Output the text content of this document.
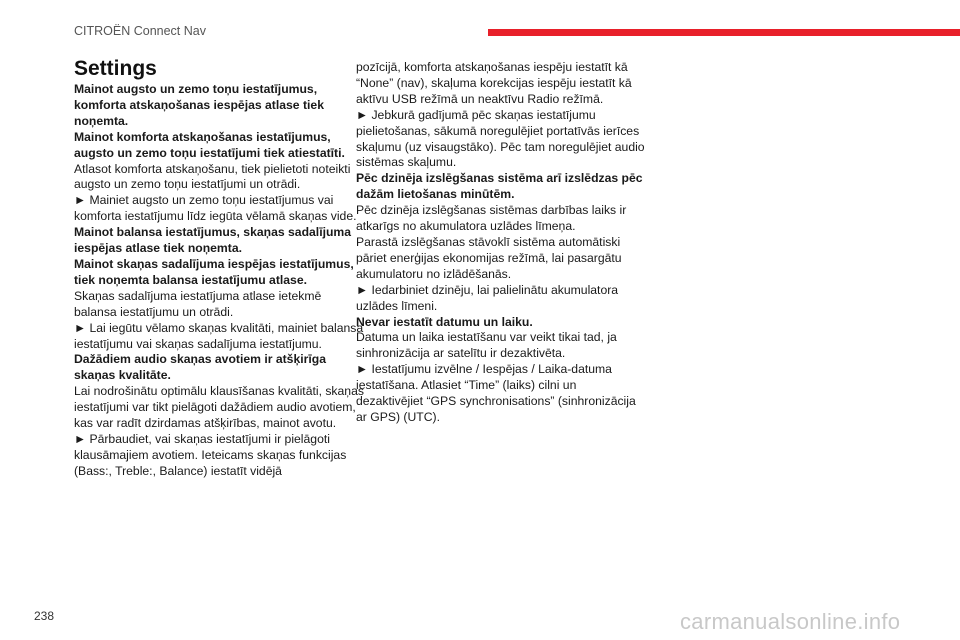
CITROËN Connect Nav

Settings

Mainot augsto un zemo toņu iestatījumus, komforta atskaņošanas iespējas atlase tiek noņemta.

Mainot komforta atskaņošanas iestatījumus, augsto un zemo toņu iestatījumi tiek atiestatīti.

Atlasot komforta atskaņošanu, tiek pielietoti noteikti augsto un zemo toņu iestatījumi un otrādi.

► Mainiet augsto un zemo toņu iestatījumus vai komforta iestatījumu līdz iegūta vēlamā skaņas vide.

Mainot balansa iestatījumus, skaņas sadalījuma iespējas atlase tiek noņemta.

Mainot skaņas sadalījuma iespējas iestatījumus, tiek noņemta balansa iestatījumu atlase.

Skaņas sadalījuma iestatījuma atlase ietekmē balansa iestatījumu un otrādi.

► Lai iegūtu vēlamo skaņas kvalitāti, mainiet balansa iestatījumu vai skaņas sadalījuma iestatījumu.

Dažādiem audio skaņas avotiem ir atšķirīga skaņas kvalitāte.

Lai nodrošinātu optimālu klausīšanas kvalitāti, skaņas iestatījumi var tikt pielāgoti dažādiem audio avotiem, kas var radīt dzirdamas atšķirības, mainot avotu.

► Pārbaudiet, vai skaņas iestatījumi ir pielāgoti klausāmajiem avotiem. Ieteicams skaņas funkcijas (Bass:, Treble:, Balance) iestatīt vidējā

pozīcijā, komforta atskaņošanas iespēju iestatīt kā “None” (nav), skaļuma korekcijas iespēju iestatīt kā aktīvu USB režīmā un neaktīvu Radio režīmā.

► Jebkurā gadījumā pēc skaņas iestatījumu pielietošanas, sākumā noregulējiet portatīvās ierīces skaļumu (uz visaugstāko). Pēc tam noregulējiet audio sistēmas skaļumu.

Pēc dzinēja izslēgšanas sistēma arī izslēdzas pēc dažām lietošanas minūtēm.

Pēc dzinēja izslēgšanas sistēmas darbības laiks ir atkarīgs no akumulatora uzlādes līmeņa.

Parastā izslēgšanas stāvoklī sistēma automātiski pāriet enerģijas ekonomijas režīmā, lai pasargātu akumulatoru no izlādēšanās.

► Iedarbiniet dzinēju, lai palielinātu akumulatora uzlādes līmeni.

Nevar iestatīt datumu un laiku.

Datuma un laika iestatīšanu var veikt tikai tad, ja sinhronizācija ar satelītu ir dezaktivēta.

► Iestatījumu izvēlne / Iespējas / Laika-datuma iestatīšana. Atlasiet “Time” (laiks) cilni un dezaktivējiet “GPS synchronisations” (sinhronizācija ar GPS) (UTC).

238	carmanualsonline.info
